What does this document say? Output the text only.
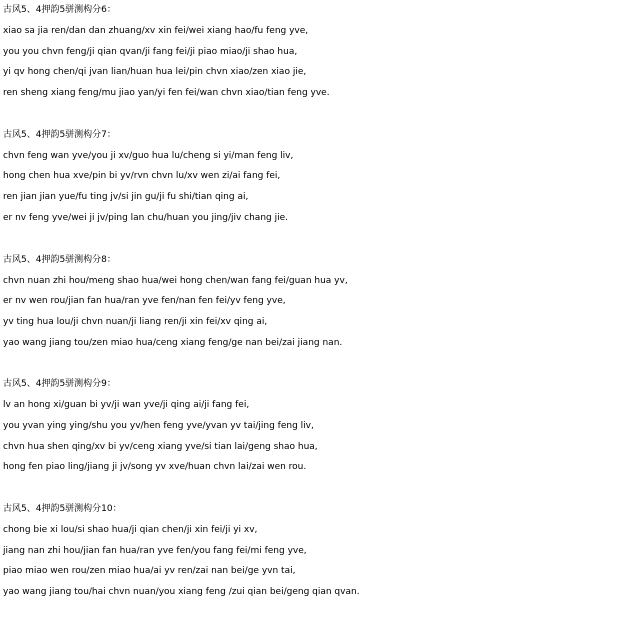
古风5、4押韵5骈测构分6：
xiao sa jia ren/dan dan zhuang/xv xin fei/wei xiang hao/fu feng yve,
you you chvn feng/ji qian qvan/ji fang fei/ji piao miao/ji shao hua,
yi qv hong chen/qi jvan lian/huan hua lei/pin chvn xiao/zen xiao jie,
ren sheng xiang feng/mu jiao yan/yi fen fei/wan chvn xiao/tian feng yve.
古风5、4押韵5骈测构分7：
chvn feng wan yve/you ji xv/guo hua lu/cheng si yi/man feng liv,
hong chen hua xve/pin bi yv/rvn chvn lu/xv wen zi/ai fang fei,
ren jian jian yue/fu ting jv/si jin gu/ji fu shi/tian qing ai,
er nv feng yve/wei ji jv/ping lan chu/huan you jing/jiv chang jie.
古风5、4押韵5骈测构分8：
chvn nuan zhi hou/meng shao hua/wei hong chen/wan fang fei/guan hua yv,
er nv wen rou/jian fan hua/ran yve fen/nan fen fei/yv feng yve,
yv ting hua lou/ji chvn nuan/ji liang ren/ji xin fei/xv qing ai,
yao wang jiang tou/zen miao hua/ceng xiang feng/ge nan bei/zai jiang nan.
古风5、4押韵5骈测构分9：
lv an hong xi/guan bi yv/ji wan yve/ji qing ai/ji fang fei,
you yvan ying ying/shu you yv/hen feng yve/yvan yv tai/jing feng liv,
chvn hua shen qing/xv bi yv/ceng xiang yve/si tian lai/geng shao hua,
hong fen piao ling/jiang ji jv/song yv xve/huan chvn lai/zai wen rou.
古风5、4押韵5骈测构分10：
chong bie xi lou/si shao hua/ji qian chen/ji xin fei/ji yi xv,
jiang nan zhi hou/jian fan hua/ran yve fen/you fang fei/mi feng yve,
piao miao wen rou/zen miao hua/ai yv ren/zai nan bei/ge yvn tai,
yao wang jiang tou/hai chvn nuan/you xiang feng /zui qian bei/geng qian qvan.
